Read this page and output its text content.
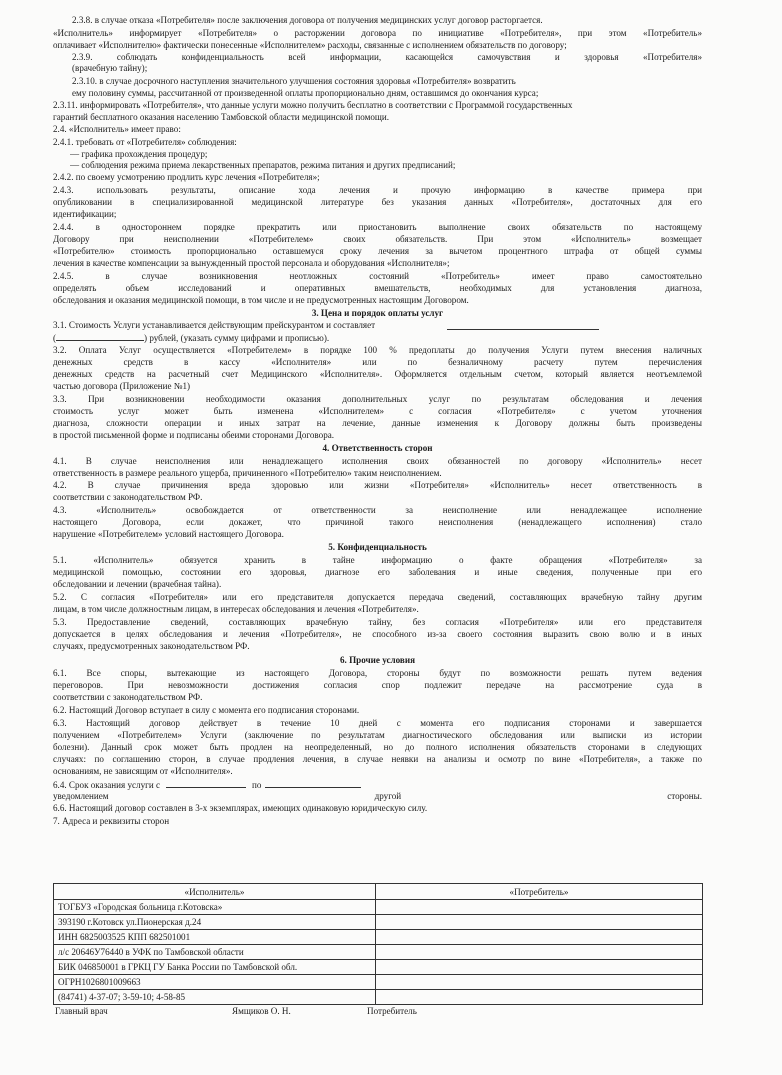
2.3.8. в случае отказа «Потребителя» после заключения договора от получения медицинских услуг договор расторгается.
«Исполнитель» информирует «Потребителя» о расторжении договора по инициативе «Потребителя», при этом «Потребитель»
оплачивает «Исполнителю» фактически понесенные «Исполнителем» расходы, связанные с исполнением обязательств по договору;
2.3.9. соблюдать конфиденциальность всей информации, касающейся самочувствия и здоровья «Потребителя»
(врачебную тайну);
2.3.10. в случае досрочного наступления значительного улучшения состояния здоровья «Потребителя» возвратить
ему половину суммы, рассчитанной от произведенной оплаты пропорционально дням, оставшимся до окончания курса;
2.3.11. информировать «Потребителя», что данные услуги можно получить бесплатно в соответствии с Программой государственных
гарантий бесплатного оказания населению Тамбовской области медицинской помощи.
2.4. «Исполнитель» имеет право:
2.4.1. требовать от «Потребителя» соблюдения:
— графика прохождения процедур;
— соблюдения режима приема лекарственных препаратов, режима питания и других предписаний;
2.4.2. по своему усмотрению продлить курс лечения «Потребителя»;
2.4.3. использовать результаты, описание хода лечения и прочую информацию в качестве примера при
опубликовании в специализированной медицинской литературе без указания данных «Потребителя», достаточных для его
идентификации;
2.4.4. в одностороннем порядке прекратить или приостановить выполнение своих обязательств по настоящему
Договору при неисполнении «Потребителем» своих обязательств. При этом «Исполнитель» возмещает
«Потребителю» стоимость пропорционально оставшемуся сроку лечения за вычетом процентного штрафа от общей суммы
лечения в качестве компенсации за вынужденный простой персонала и оборудования «Исполнителя»;
2.4.5. в случае возникновения неотложных состояний «Потребитель» имеет право самостоятельно
определять объем исследований и оперативных вмешательств, необходимых для установления диагноза,
обследования и оказания медицинской помощи, в том числе и не предусмотренных настоящим Договором.
3. Цена и порядок оплаты услуг
3.1. Стоимость Услуги устанавливается действующим прейскурантом и составляет
3.2. Оплата Услуг осуществляется «Потребителем» в порядке 100 % предоплаты до получения Услуги путем внесения наличных
денежных средств в кассу «Исполнителя» или по безналичному расчету путем перечисления
денежных средств на расчетный счет Медицинского «Исполнителя». Оформляется отдельным счетом, который является неотъемлемой
частью договора (Приложение №1)
3.3. При возникновении необходимости оказания дополнительных услуг по результатам обследования и лечения
стоимость услуг может быть изменена «Исполнителем» с согласия «Потребителя» с учетом уточнения
диагноза, сложности операции и иных затрат на лечение, данные изменения к Договору должны быть произведены
в простой письменной форме и подписаны обеими сторонами Договора.
4. Ответственность сторон
4.1. В случае неисполнения или ненадлежащего исполнения своих обязанностей по договору «Исполнитель» несет
ответственность в размере реального ущерба, причиненного «Потребителю» таким неисполнением.
4.2. В случае причинения вреда здоровью или жизни «Потребителя» «Исполнитель» несет ответственность в
соответствии с законодательством РФ.
4.3. «Исполнитель» освобождается от ответственности за неисполнение или ненадлежащее исполнение
настоящего Договора, если докажет, что причиной такого неисполнения (ненадлежащего исполнения) стало
нарушение «Потребителем» условий настоящего Договора.
5. Конфиденциальность
5.1. «Исполнитель» обязуется хранить в тайне информацию о факте обращения «Потребителя» за
медицинской помощью, состоянии его здоровья, диагнозе его заболевания и иные сведения, полученные при его
обследовании и лечении (врачебная тайна).
5.2. С согласия «Потребителя» или его представителя допускается передача сведений, составляющих врачебную тайну другим
лицам, в том числе должностным лицам, в интересах обследования и лечения «Потребителя».
5.3. Предоставление сведений, составляющих врачебную тайну, без согласия «Потребителя» или его представителя
допускается в целях обследования и лечения «Потребителя», не способного из-за своего состояния выразить свою волю и в иных
случаях, предусмотренных законодательством РФ.
6. Прочие условия
6.1. Все споры, вытекающие из настоящего Договора, стороны будут по возможности решать путем ведения
переговоров. При невозможности достижения согласия спор подлежит передаче на рассмотрение суда в
соответствии с законодательством РФ.
6.2. Настоящий Договор вступает в силу с момента его подписания сторонами.
6.3. Настоящий договор действует в течение 10 дней с момента его подписания сторонами и завершается
получением «Потребителем» Услуги (заключение по результатам диагностического обследования или выписки из истории
болезни). Данный срок может быть продлен на неопределенный, но до полного исполнения обязательств сторонами в следующих
случаях: по соглашению сторон, в случае продления лечения, в случае неявки на анализы и осмотр по вине «Потребителя», а также по
основаниям, не зависящим от «Исполнителя».
уведомлением другой стороны.
6.6. Настоящий договор составлен в 3-х экземплярах, имеющих одинаковую юридическую силу.
7. Адреса и реквизиты сторон
(	) рублей, (указать сумму цифрами и прописью).
6.4. Срок оказания услуги с	по
«Исполнитель»	«Потребитель»
ТОГБУЗ «Городская больница г.Котовска»	
393190 г.Котовск ул.Пионерская д.24	
ИНН 6825003525 КПП 682501001	
л/с 20646У76440 в УФК по Тамбовской области	
БИК 046850001 в ГРКЦ ГУ Банка России по Тамбовской обл.	
ОГРН1026801009663	
(84741) 4-37-07; 3-59-10; 4-58-85	
Главный врач	Ямщиков О. Н.	Потребитель
